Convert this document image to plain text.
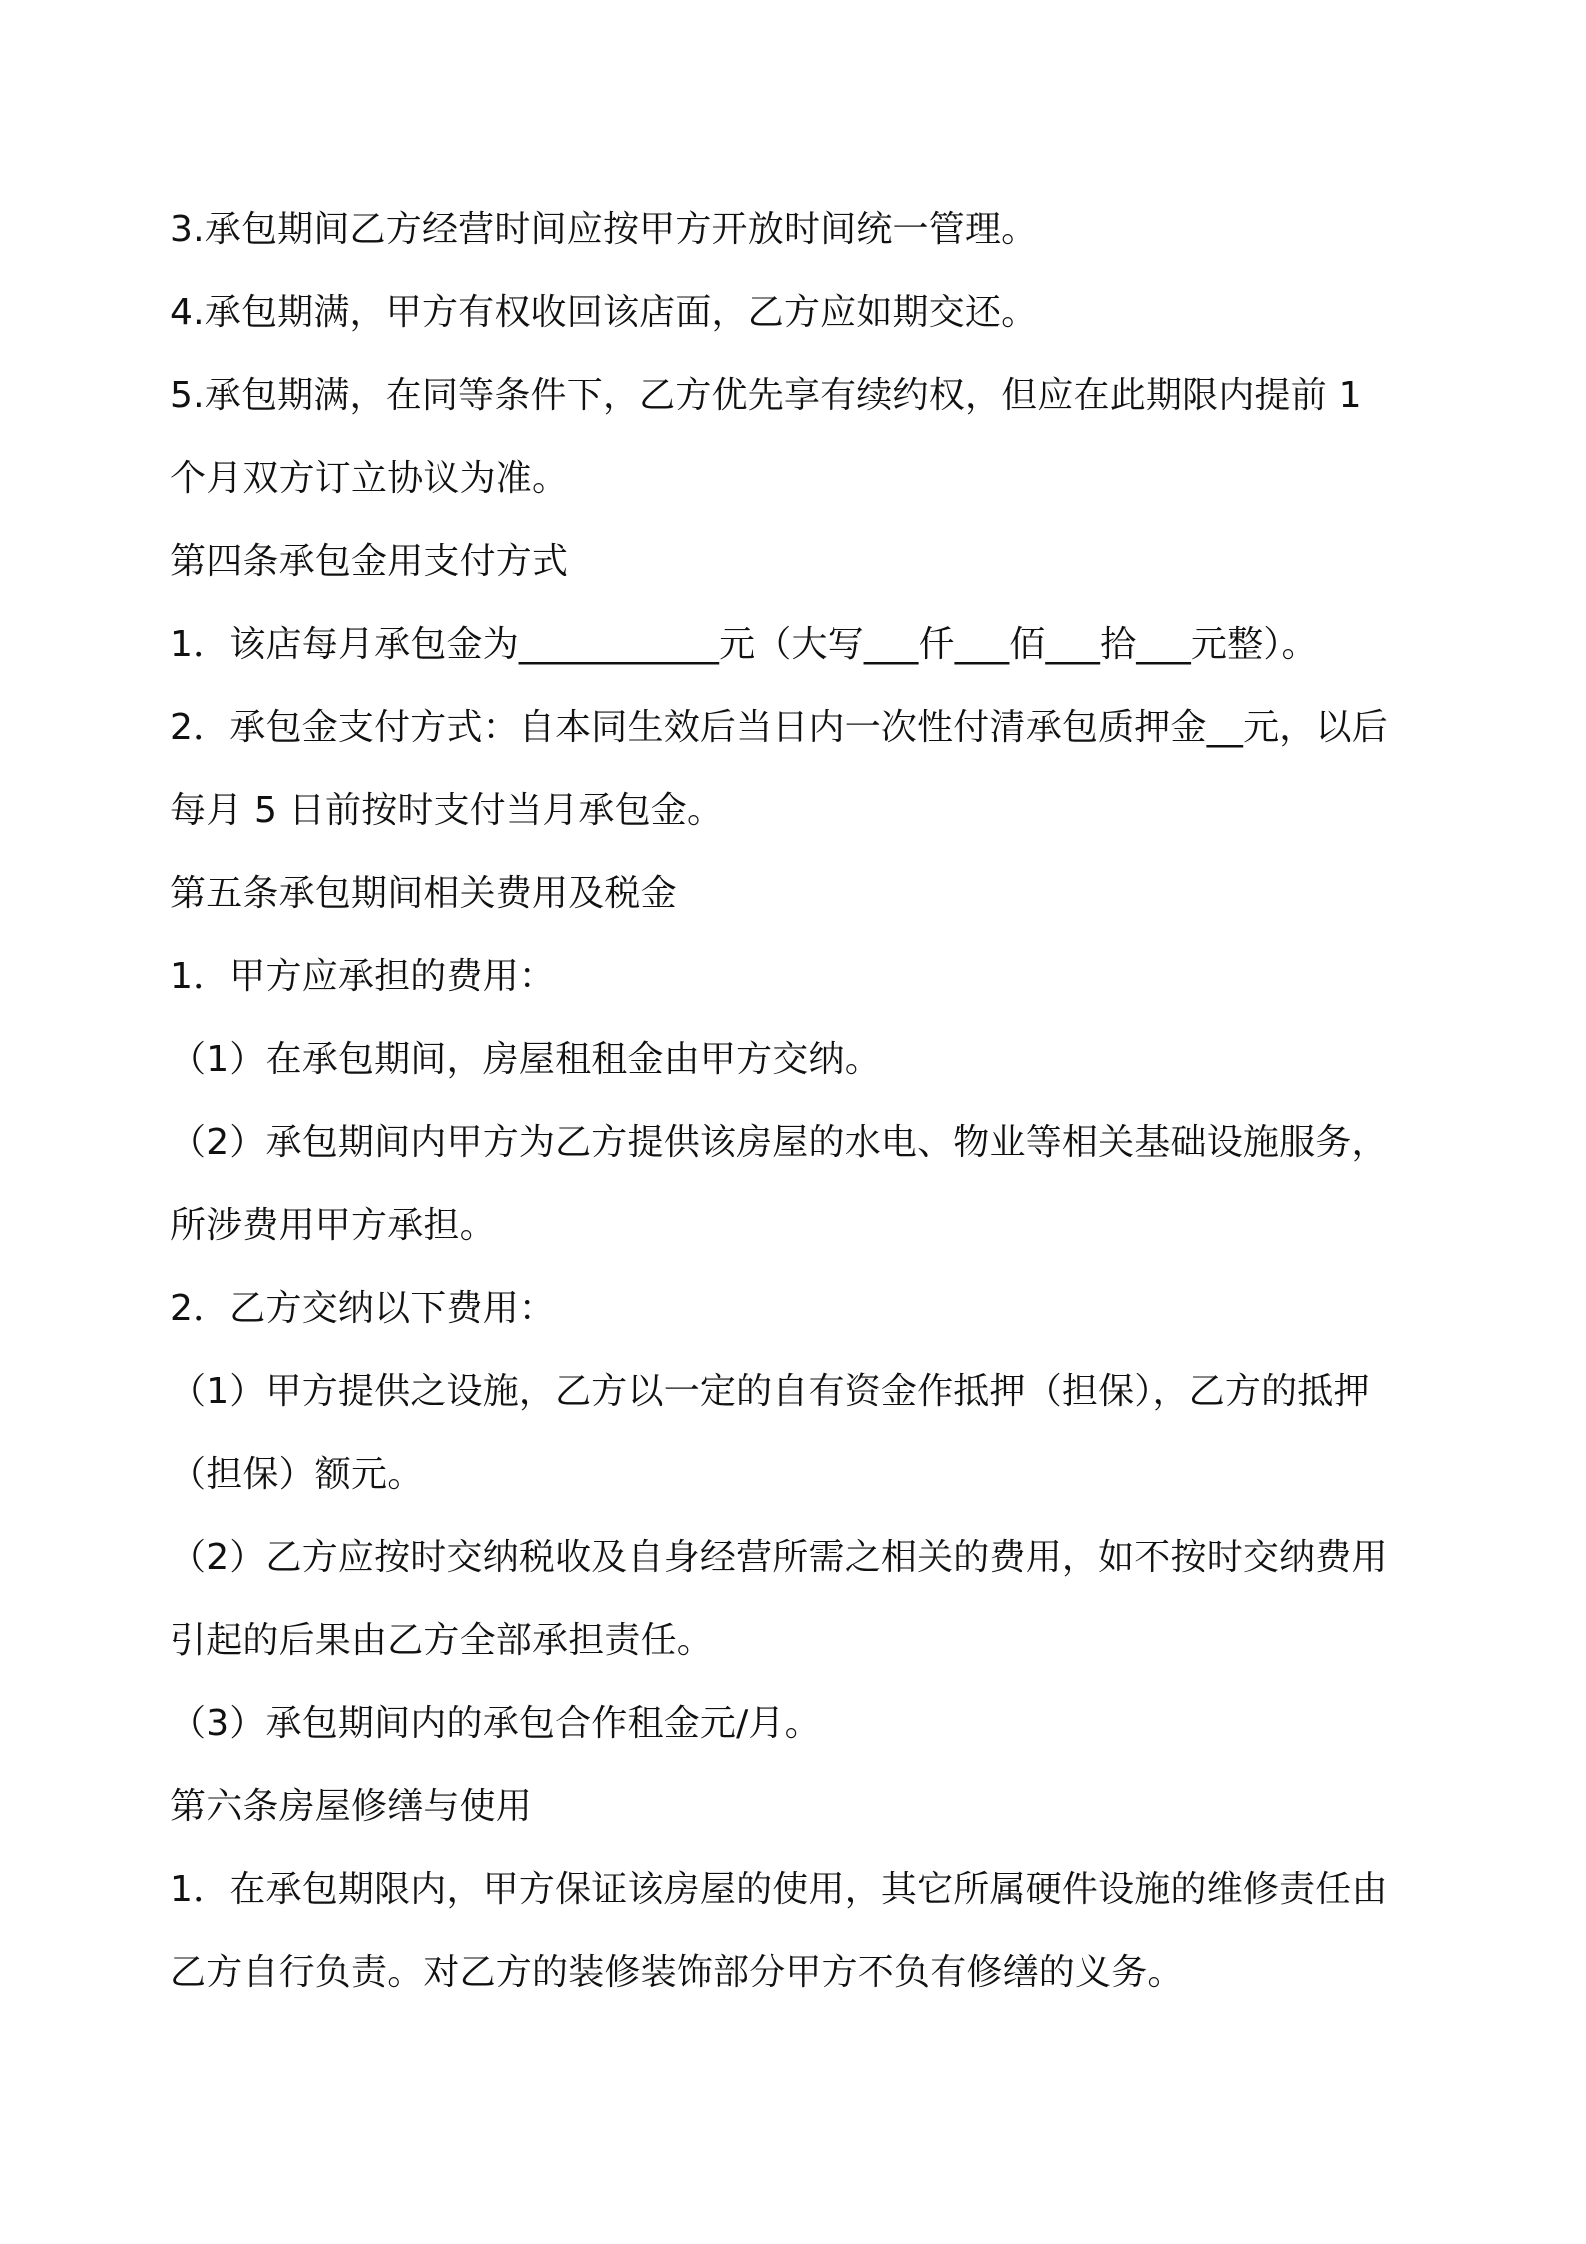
3.承包期间乙方经营时间应按甲方开放时间统一管理。
4.承包期满，甲方有权收回该店面，乙方应如期交还。
5.承包期满，在同等条件下，乙方优先享有续约权，但应在此期限内提前 1
个月双方订立协议为准。
第四条承包金用支付方式
1．该店每月承包金为___________元（大写___仟___佰___拾___元整）。
2．承包金支付方式：自本同生效后当日内一次性付清承包质押金__元，以后
每月 5 日前按时支付当月承包金。
第五条承包期间相关费用及税金
1．甲方应承担的费用：
（1）在承包期间，房屋租租金由甲方交纳。
（2）承包期间内甲方为乙方提供该房屋的水电、物业等相关基础设施服务，
所涉费用甲方承担。
2．乙方交纳以下费用：
（1）甲方提供之设施，乙方以一定的自有资金作抵押（担保），乙方的抵押
（担保）额元。
（2）乙方应按时交纳税收及自身经营所需之相关的费用，如不按时交纳费用
引起的后果由乙方全部承担责任。
（3）承包期间内的承包合作租金元/月。
第六条房屋修缮与使用
1．在承包期限内，甲方保证该房屋的使用，其它所属硬件设施的维修责任由
乙方自行负责。对乙方的装修装饰部分甲方不负有修缮的义务。
